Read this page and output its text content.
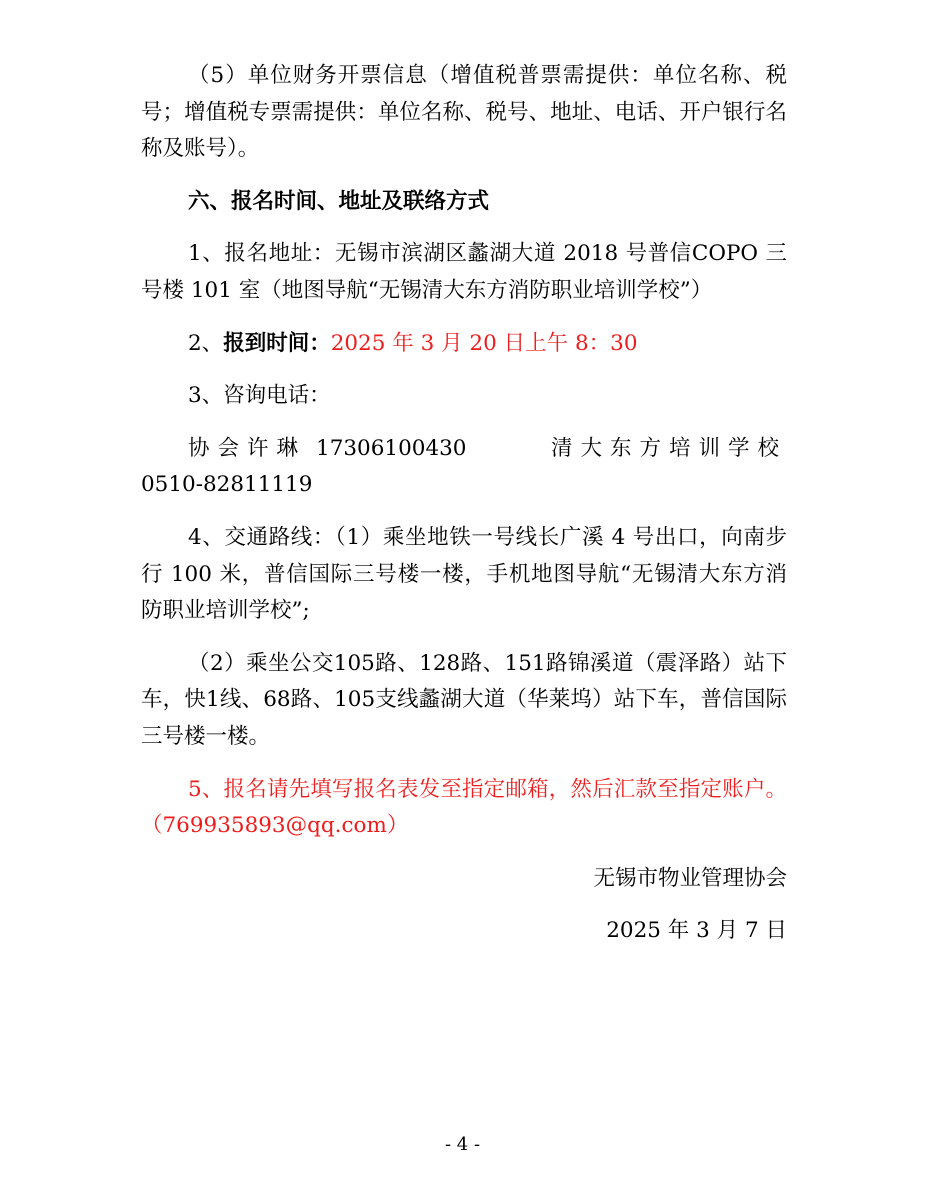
（5）单位财务开票信息（增值税普票需提供：单位名称、税号；增值税专票需提供：单位名称、税号、地址、电话、开户银行名称及账号）。

六、报名时间、地址及联络方式

1、报名地址：无锡市滨湖区蠡湖大道 2018 号普信COPO 三号楼 101 室（地图导航“无锡清大东方消防职业培训学校”）

2、报到时间：2025 年 3 月 20 日上午 8：30

3、咨询电话：

协会许琳 17306100430	清大东方培训学校

0510-82811119

4、交通路线：（1）乘坐地铁一号线长广溪 4 号出口，向南步行 100 米，普信国际三号楼一楼，手机地图导航“无锡清大东方消防职业培训学校”;

（2）乘坐公交105路、128路、151路锦溪道（震泽路）站下车，快1线、68路、105支线蠡湖大道（华莱坞）站下车，普信国际三号楼一楼。

5、报名请先填写报名表发至指定邮箱，然后汇款至指定账户。（769935893@qq.com）

无锡市物业管理协会

2025 年 3 月 7 日

- 4 -
